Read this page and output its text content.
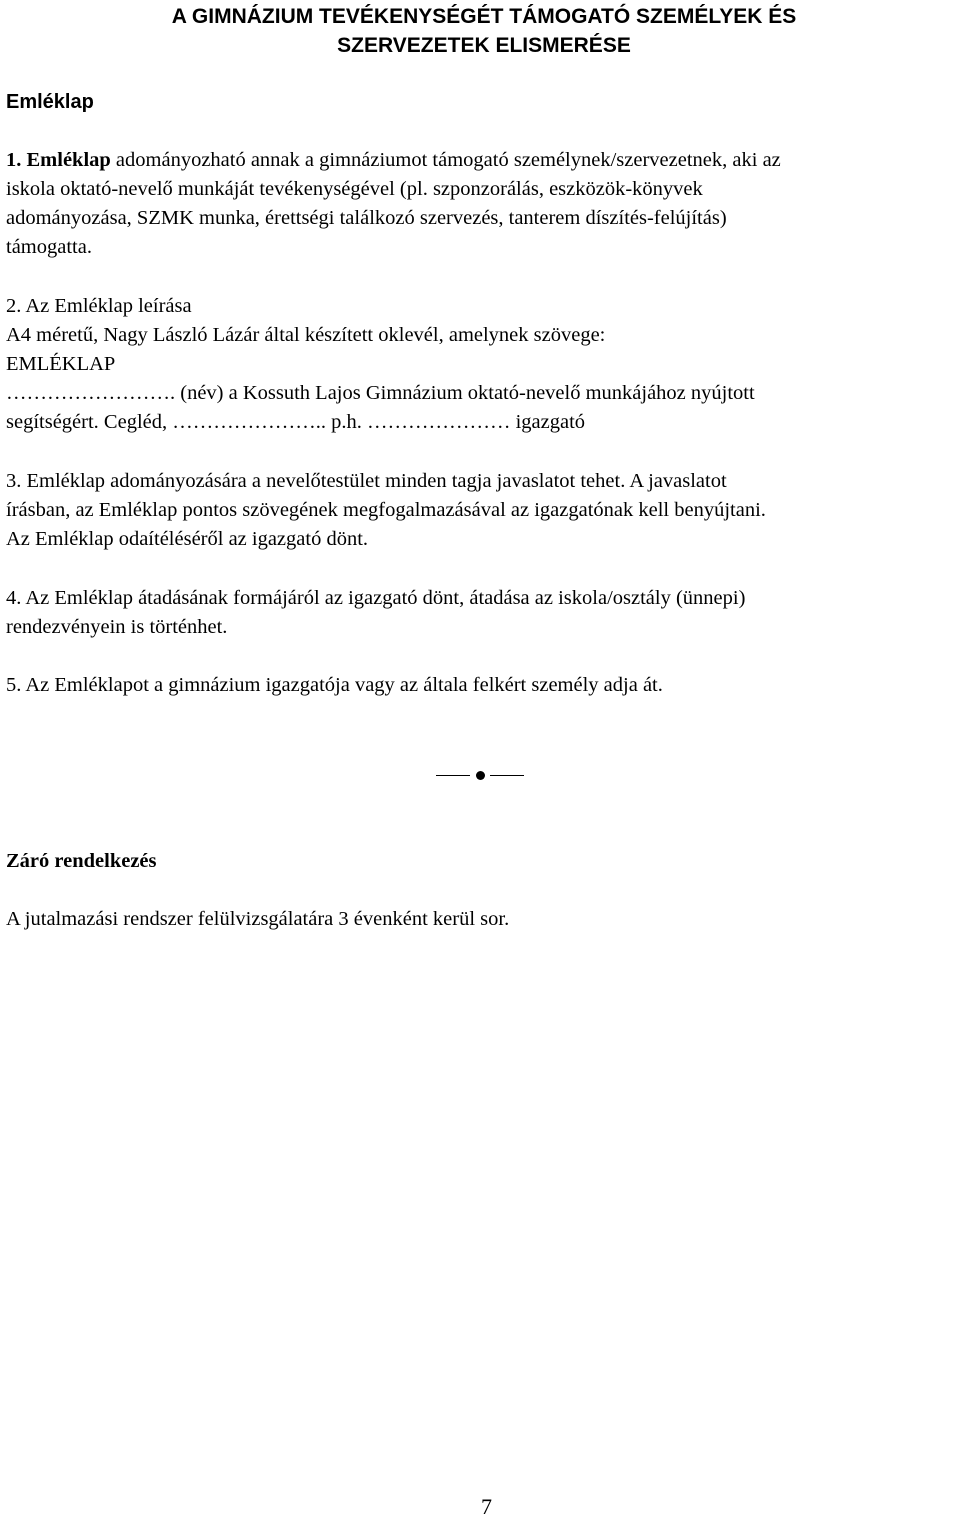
A GIMNÁZIUM TEVÉKENYSÉGÉT TÁMOGATÓ SZEMÉLYEK ÉS
SZERVEZETEK ELISMERÉSE
Emléklap
1. Emléklap adományozható annak a gimnáziumot támogató személynek/szervezetnek, aki az
iskola oktató-nevelő munkáját tevékenységével (pl. szponzorálás, eszközök-könyvek
adományozása, SZMK munka, érettségi találkozó szervezés, tanterem díszítés-felújítás)
támogatta.
2. Az Emléklap leírása
A4 méretű, Nagy László Lázár által készített oklevél, amelynek szövege:
EMLÉKLAP
……………………. (név) a Kossuth Lajos Gimnázium oktató-nevelő munkájához nyújtott
segítségért. Cegléd, ………………….. p.h. ………………… igazgató
3. Emléklap adományozására a nevelőtestület minden tagja javaslatot tehet. A javaslatot
írásban, az Emléklap pontos szövegének megfogalmazásával az igazgatónak kell benyújtani.
Az Emléklap odaítéléséről az igazgató dönt.
4. Az Emléklap átadásának formájáról az igazgató dönt, átadása az iskola/osztály (ünnepi)
rendezvényein is történhet.
5. Az Emléklapot a gimnázium igazgatója vagy az általa felkért személy adja át.
Záró rendelkezés
A jutalmazási rendszer felülvizsgálatára 3 évenként kerül sor.
7
